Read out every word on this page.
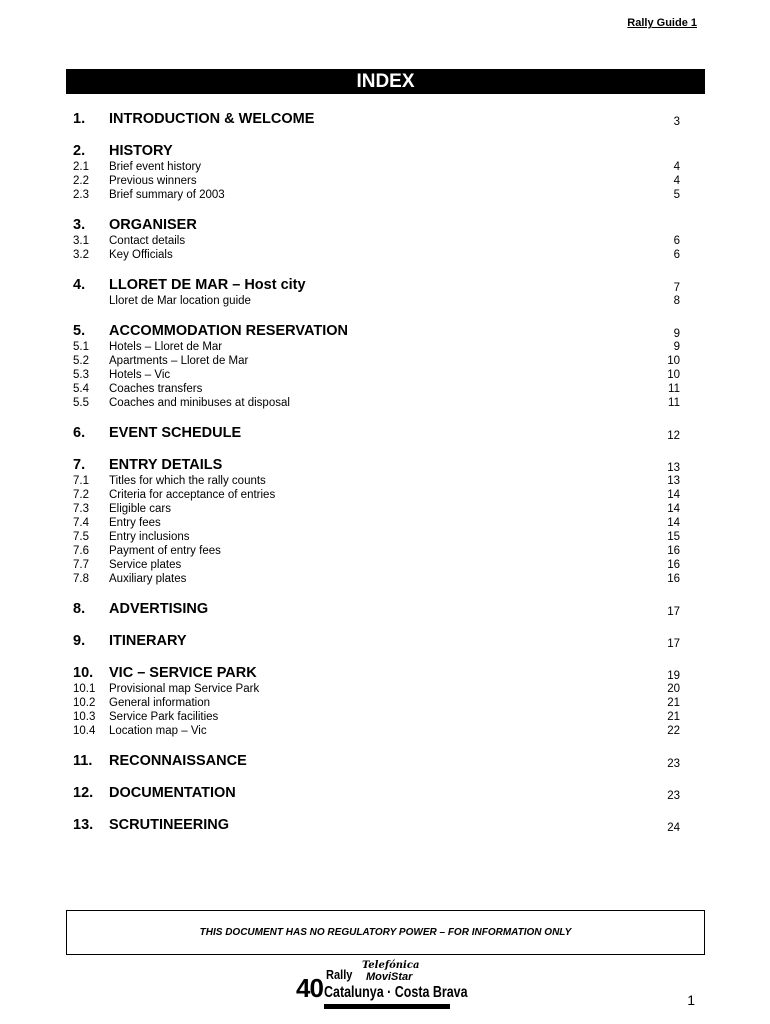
Rally Guide 1
INDEX
1.	INTRODUCTION & WELCOME	3
2.	HISTORY
2.1	Brief event history	4
2.2	Previous winners	4
2.3	Brief summary of 2003	5
3.	ORGANISER
3.1	Contact details	6
3.2	Key Officials	6
4.	LLORET DE MAR – Host city	7
Lloret de Mar location guide	8
5.	ACCOMMODATION RESERVATION	9
5.1	Hotels – Lloret de Mar	9
5.2	Apartments – Lloret de Mar	10
5.3	Hotels – Vic	10
5.4	Coaches transfers	11
5.5	Coaches and minibuses at disposal	11
6.	EVENT SCHEDULE	12
7.	ENTRY DETAILS	13
7.1	Titles for which the rally counts	13
7.2	Criteria for acceptance of entries	14
7.3	Eligible cars	14
7.4	Entry fees	14
7.5	Entry inclusions	15
7.6	Payment of entry fees	16
7.7	Service plates	16
7.8	Auxiliary plates	16
8.	ADVERTISING	17
9.	ITINERARY	17
10.	VIC – SERVICE PARK	19
10.1	Provisional map Service Park	20
10.2	General information	21
10.3	Service Park facilities	21
10.4	Location map – Vic	22
11.	RECONNAISSANCE	23
12.	DOCUMENTATION	23
13.	SCRUTINEERING	24
THIS DOCUMENT HAS NO REGULATORY POWER – FOR INFORMATION ONLY
40 Rally
Telefónica
MoviStar
Catalunya · Costa Brava	1
